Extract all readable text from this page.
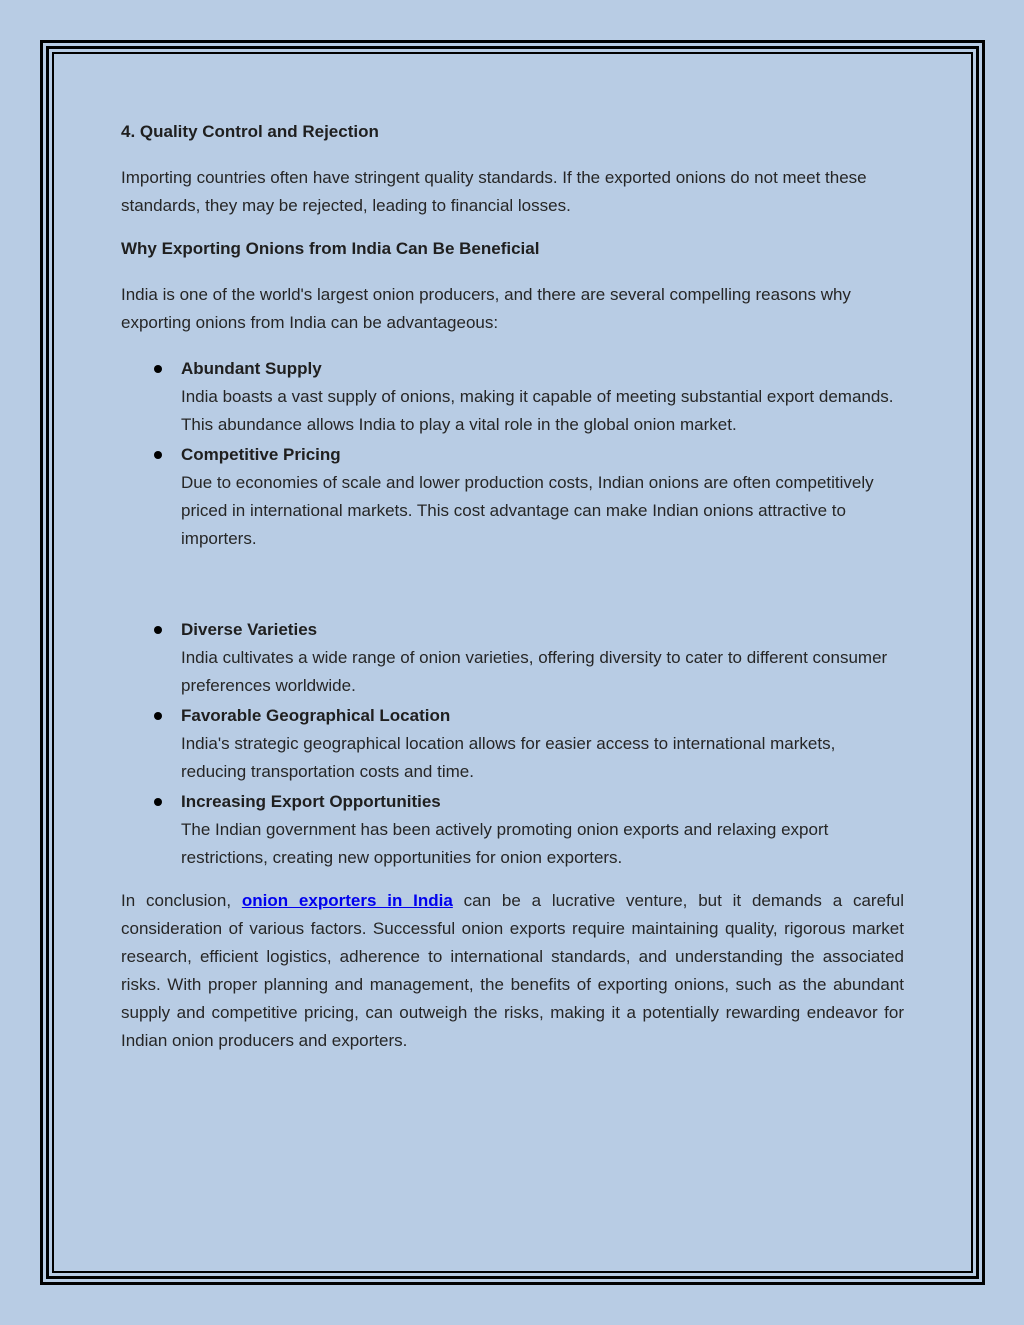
4. Quality Control and Rejection

Importing countries often have stringent quality standards. If the exported onions do not meet these standards, they may be rejected, leading to financial losses.

Why Exporting Onions from India Can Be Beneficial

India is one of the world's largest onion producers, and there are several compelling reasons why exporting onions from India can be advantageous:

Abundant Supply
India boasts a vast supply of onions, making it capable of meeting substantial export demands. This abundance allows India to play a vital role in the global onion market.
Competitive Pricing
Due to economies of scale and lower production costs, Indian onions are often competitively priced in international markets. This cost advantage can make Indian onions attractive to importers.
Diverse Varieties
India cultivates a wide range of onion varieties, offering diversity to cater to different consumer preferences worldwide.
Favorable Geographical Location
India's strategic geographical location allows for easier access to international markets, reducing transportation costs and time.
Increasing Export Opportunities
The Indian government has been actively promoting onion exports and relaxing export restrictions, creating new opportunities for onion exporters.

In conclusion, onion exporters in India can be a lucrative venture, but it demands a careful consideration of various factors. Successful onion exports require maintaining quality, rigorous market research, efficient logistics, adherence to international standards, and understanding the associated risks. With proper planning and management, the benefits of exporting onions, such as the abundant supply and competitive pricing, can outweigh the risks, making it a potentially rewarding endeavor for Indian onion producers and exporters.
